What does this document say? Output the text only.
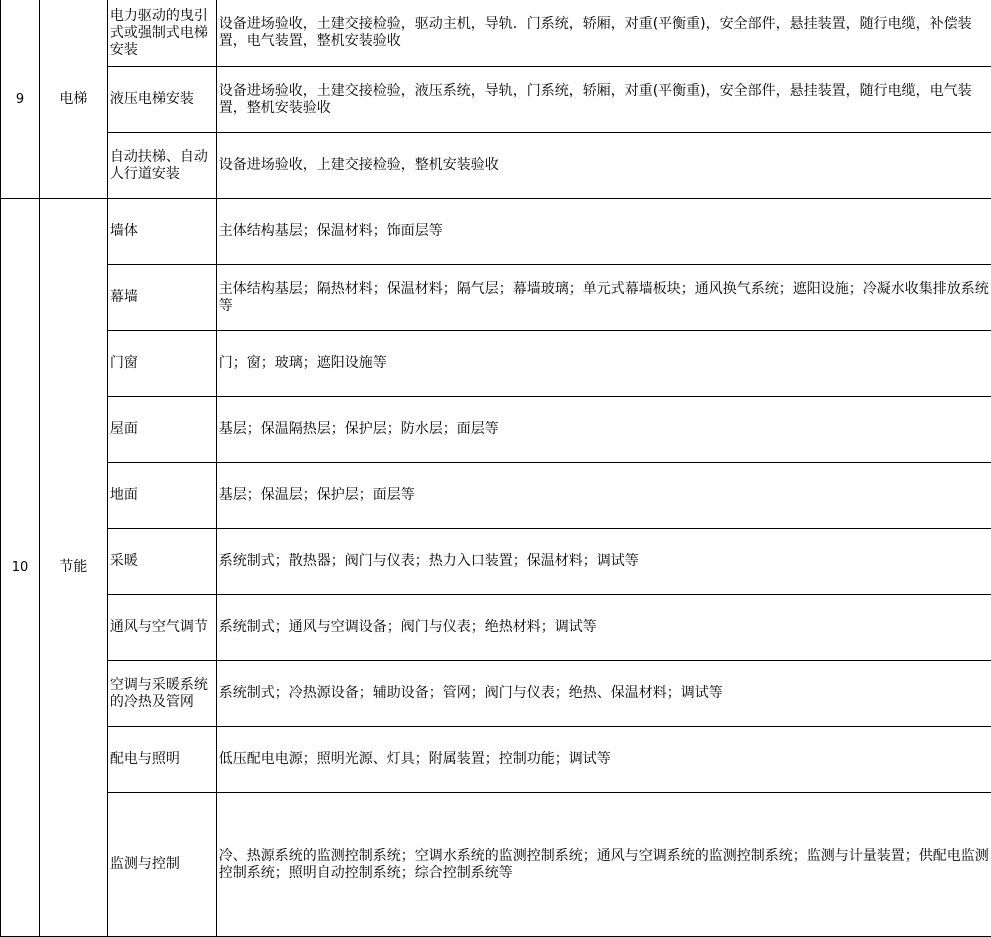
9	电梯	电力驱动的曳引式或强制式电梯安装	设备进场验收，土建交接检验，驱动主机，导轨．门系统，轿厢，对重(平衡重)，安全部件，悬挂装置，随行电缆，补偿装置，电气装置，整机安装验收
		液压电梯安装	设备进场验收，土建交接检验，液压系统，导轨，门系统，轿厢，对重(平衡重)，安全部件，悬挂装置，随行电缆，电气装置，整机安装验收
		自动扶梯、自动人行道安装	设备进场验收，上建交接检验，整机安装验收
10	节能	墙体	主体结构基层；保温材料；饰面层等
		幕墙	主体结构基层；隔热材料；保温材料；隔气层；幕墙玻璃；单元式幕墙板块；通风换气系统；遮阳设施；冷凝水收集排放系统等
		门窗	门；窗；玻璃；遮阳设施等
		屋面	基层；保温隔热层；保护层；防水层；面层等
		地面	基层；保温层；保护层；面层等
		采暖	系统制式；散热器；阀门与仪表；热力入口装置；保温材料；调试等
		通风与空气调节	系统制式；通风与空调设备；阀门与仪表；绝热材料；调试等
		空调与采暖系统的冷热及管网	系统制式；冷热源设备；辅助设备；管网；阀门与仪表；绝热、保温材料；调试等
		配电与照明	低压配电电源；照明光源、灯具；附属装置；控制功能；调试等
		监测与控制	冷、热源系统的监测控制系统；空调水系统的监测控制系统；通风与空调系统的监测控制系统；监测与计量装置；供配电监测控制系统；照明自动控制系统；综合控制系统等
